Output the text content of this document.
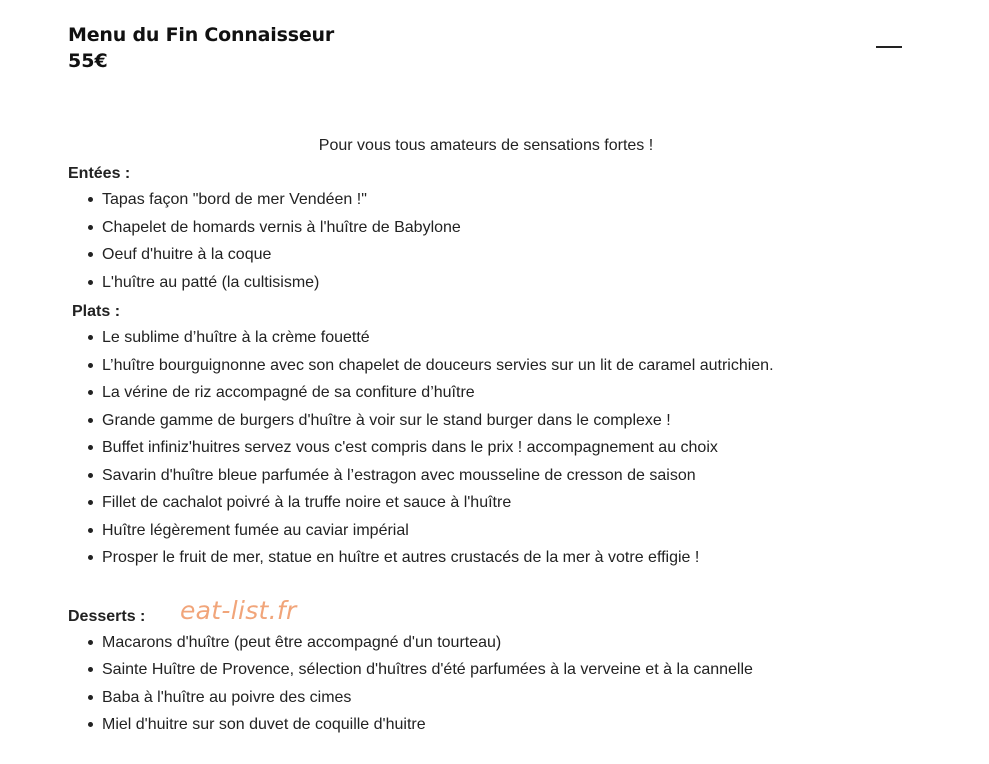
Menu du Fin Connaisseur
55€

Pour vous tous amateurs de sensations fortes !

Entées :
Tapas façon "bord de mer Vendéen !"
Chapelet de homards vernis à l'huître de Babylone
Oeuf d'huitre à la coque
L'huître au patté (la cultisisme)
Plats :
Le sublime d’huître à la crème fouetté
L’huître bourguignonne avec son chapelet de douceurs servies sur un lit de caramel autrichien.
La vérine de riz accompagné de sa confiture d’huître
Grande gamme de burgers d'huître à voir sur le stand burger dans le complexe !
Buffet infiniz'huitres servez vous c'est compris dans le prix ! accompagnement au choix
Savarin d'huître bleue parfumée à l’estragon avec mousseline de cresson de saison
Fillet de cachalot poivré à la truffe noire et sauce à l'huître
Huître légèrement fumée au caviar impérial
Prosper le fruit de mer, statue en huître et autres crustacés de la mer à votre effigie !
Desserts :
Macarons d'huître (peut être accompagné d'un tourteau)
Sainte Huître de Provence, sélection d'huîtres d'été parfumées à la verveine et à la cannelle
Baba à l'huître au poivre des cimes
Miel d'huitre sur son duvet de coquille d'huitre
eat-list.fr
